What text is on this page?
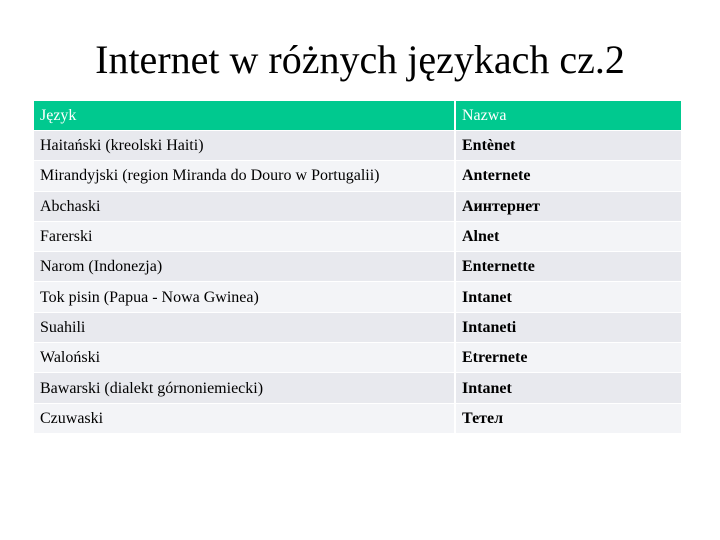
Internet w różnych językach cz.2
Język	Nazwa
Haitański (kreolski Haiti)	Entènet
Mirandyjski (region Miranda do Douro w Portugalii)	Anternete
Abchaski	Аинтернет
Farerski	Alnet
Narom (Indonezja)	Enternette
Tok pisin (Papua - Nowa Gwinea)	Intanet
Suahili	Intaneti
Waloński	Etrernete
Bawarski (dialekt górnoniemiecki)	Intanet
Czuwaski	Тетел
